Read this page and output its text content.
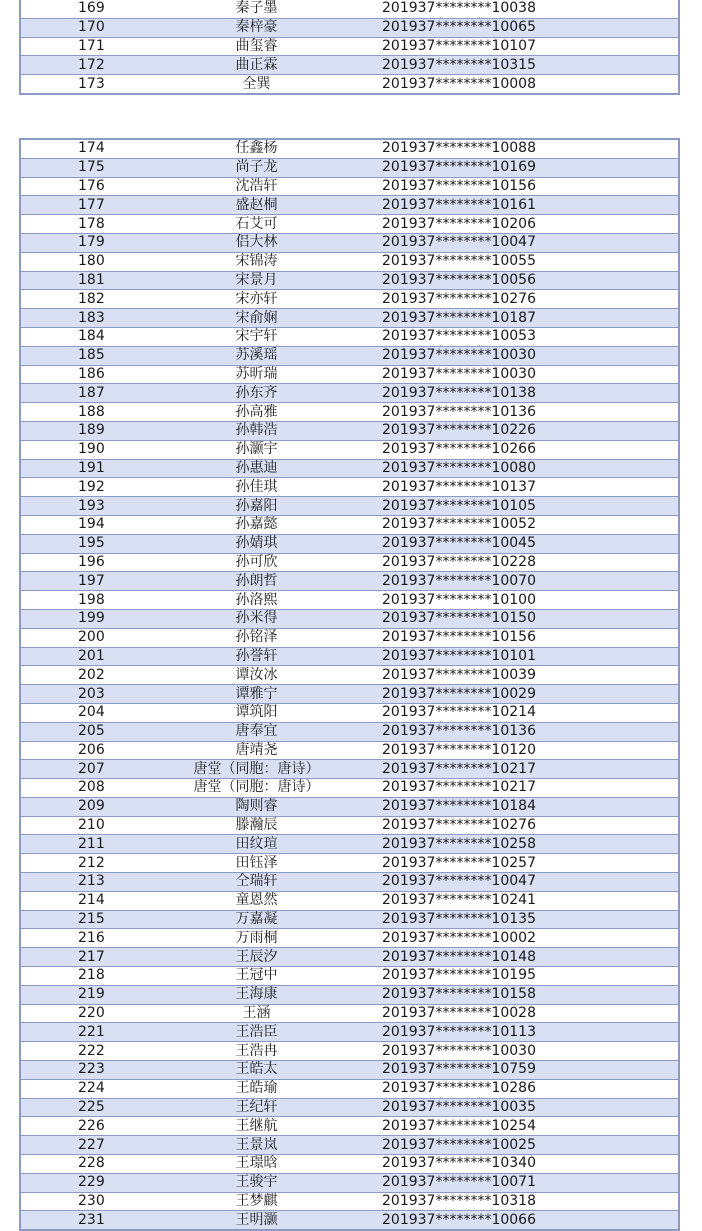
169	秦子墨	201937********10038
170	秦梓豪	201937********10065
171	曲玺睿	201937********10107
172	曲正霖	201937********10315
173	全巽	201937********10008
174	任鑫杨	201937********10088
175	尚子龙	201937********10169
176	沈浩轩	201937********10156
177	盛赵桐	201937********10161
178	石艾可	201937********10206
179	侣大林	201937********10047
180	宋锦涛	201937********10055
181	宋景月	201937********10056
182	宋亦轩	201937********10276
183	宋俞娴	201937********10187
184	宋宇轩	201937********10053
185	苏溪瑶	201937********10030
186	苏昕瑞	201937********10030
187	孙东齐	201937********10138
188	孙高雅	201937********10136
189	孙韩浩	201937********10226
190	孙灏宇	201937********10266
191	孙惠迪	201937********10080
192	孙佳琪	201937********10137
193	孙嘉阳	201937********10105
194	孙嘉懿	201937********10052
195	孙婧琪	201937********10045
196	孙可欣	201937********10228
197	孙朗哲	201937********10070
198	孙洛熙	201937********10100
199	孙米得	201937********10150
200	孙铭泽	201937********10156
201	孙誉轩	201937********10101
202	谭汝冰	201937********10039
203	谭雅宁	201937********10029
204	谭筑阳	201937********10214
205	唐奉宜	201937********10136
206	唐靖尧	201937********10120
207	唐堂（同胞：唐诗）	201937********10217
208	唐堂（同胞：唐诗）	201937********10217
209	陶则睿	201937********10184
210	滕瀚辰	201937********10276
211	田纹瑄	201937********10258
212	田钰泽	201937********10257
213	仝瑞轩	201937********10047
214	童恩然	201937********10241
215	万嘉凝	201937********10135
216	万雨桐	201937********10002
217	王辰汐	201937********10148
218	王冠中	201937********10195
219	王海康	201937********10158
220	王涵	201937********10028
221	王浩臣	201937********10113
222	王浩冉	201937********10030
223	王皓太	201937********10759
224	王皓瑜	201937********10286
225	王纪轩	201937********10035
226	王继航	201937********10254
227	王景岚	201937********10025
228	王璟晗	201937********10340
229	王骏宇	201937********10071
230	王梦麒	201937********10318
231	王明灏	201937********10066
